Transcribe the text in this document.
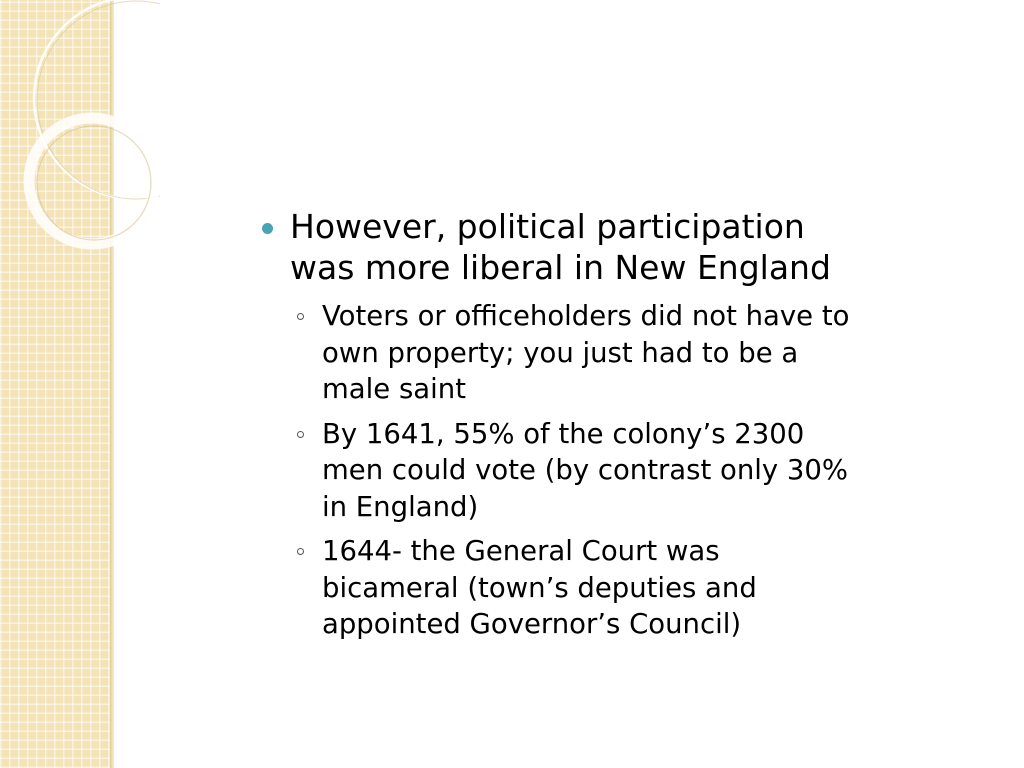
However, political participation was more liberal in New England
Voters or officeholders did not have to own property; you just had to be a male saint
By 1641, 55% of the colony’s 2300 men could vote (by contrast only 30% in England)
1644- the General Court was bicameral (town’s deputies and appointed Governor’s Council)
